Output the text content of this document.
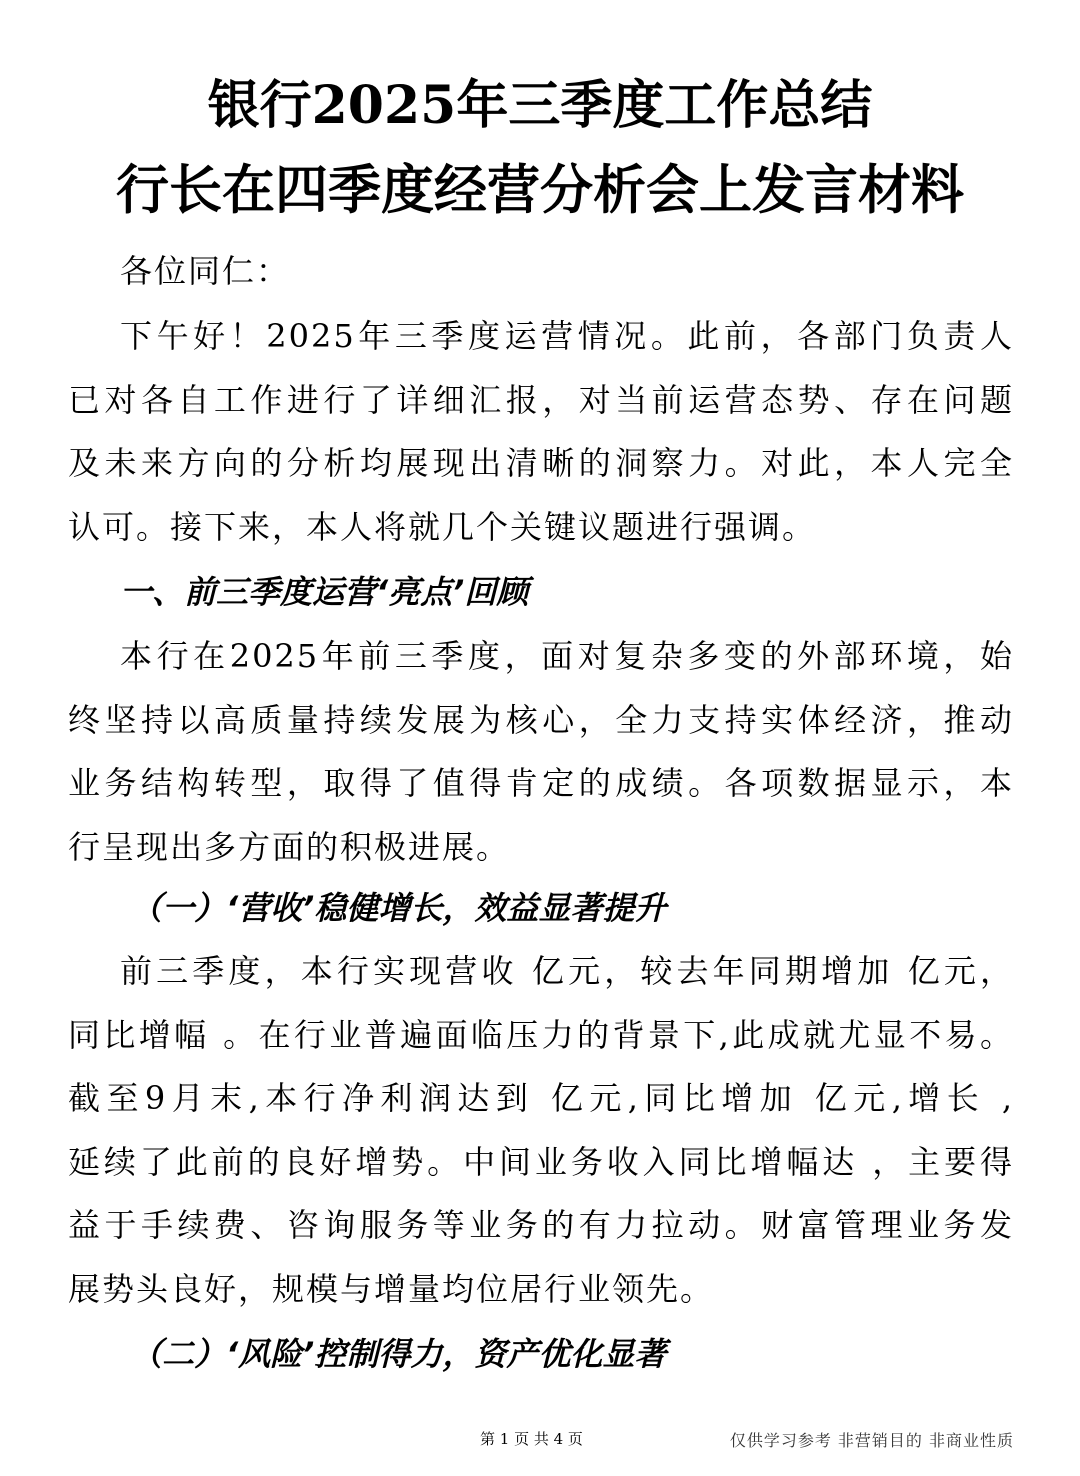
银行2025年三季度工作总结
行长在四季度经营分析会上发言材料
各位同仁：
下午好！2025年三季度运营情况。此前，各部门负责人
已对各自工作进行了详细汇报，对当前运营态势、存在问题
及未来方向的分析均展现出清晰的洞察力。对此，本人完全
认可。接下来，本人将就几个关键议题进行强调。
一、前三季度运营‘亮点’回顾
本行在2025年前三季度，面对复杂多变的外部环境，始
终坚持以高质量持续发展为核心，全力支持实体经济，推动
业务结构转型，取得了值得肯定的成绩。各项数据显示，本
行呈现出多方面的积极进展。
（一）‘营收’稳健增长，效益显著提升
前三季度，本行实现营收 亿元，较去年同期增加 亿元，
同比增幅 。在行业普遍面临压力的背景下,此成就尤显不易。
截至9月末,本行净利润达到 亿元,同比增加 亿元,增长 ,
延续了此前的良好增势。中间业务收入同比增幅达 ，主要得
益于手续费、咨询服务等业务的有力拉动。财富管理业务发
展势头良好，规模与增量均位居行业领先。
（二）‘风险’控制得力，资产优化显著
第 1 页 共 4 页	仅供学习参考 非营销目的 非商业性质
